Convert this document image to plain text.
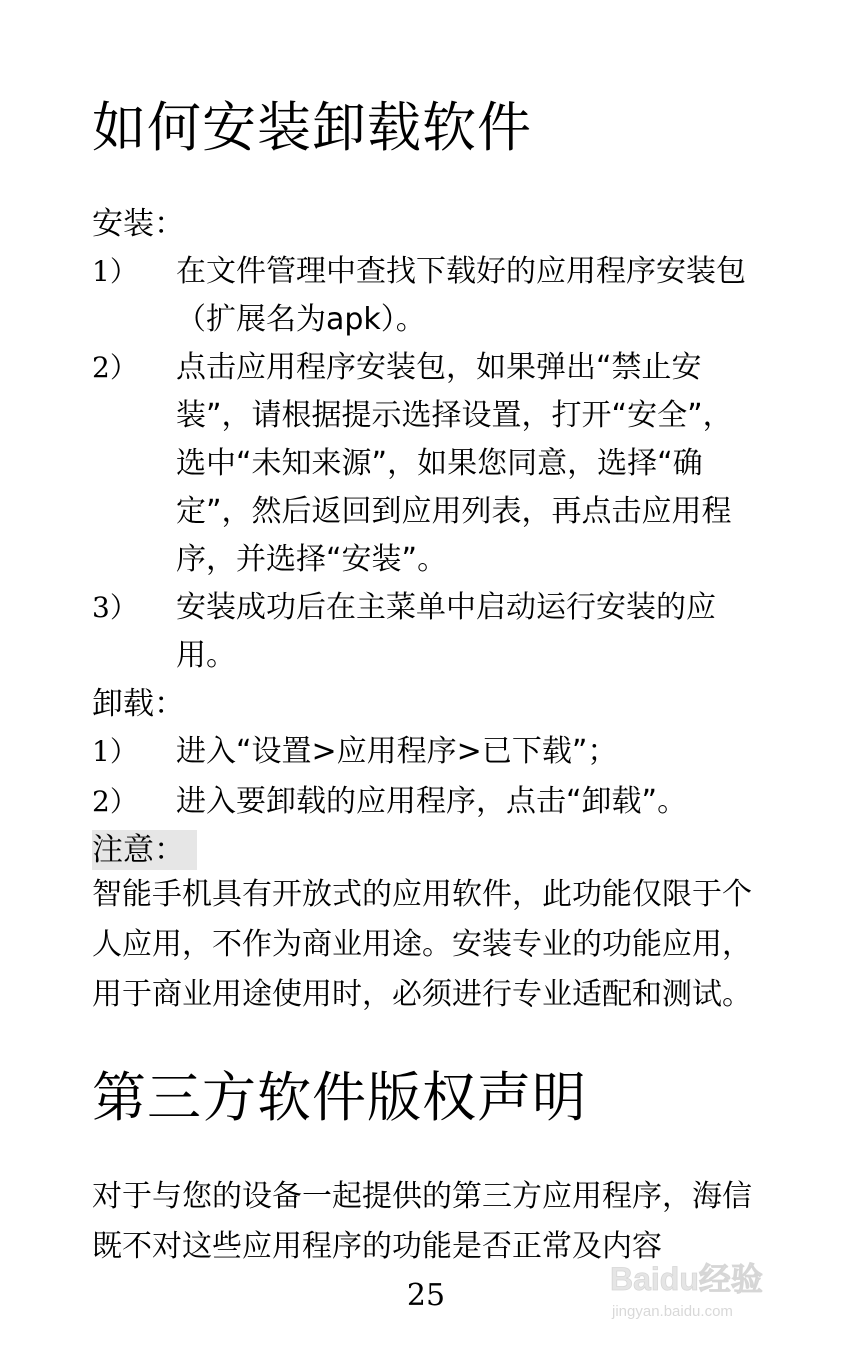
如何安装卸载软件
安装：
1） 在文件管理中查找下载好的应用程序安装包（扩展名为apk）。
2） 点击应用程序安装包，如果弹出“禁止安装”，请根据提示选择设置，打开“安全”，选中“未知来源”，如果您同意，选择“确定”，然后返回到应用列表，再点击应用程序，并选择“安装”。
3） 安装成功后在主菜单中启动运行安装的应用。
卸载：
1） 进入“设置>应用程序>已下载”；
2） 进入要卸载的应用程序，点击“卸载”。
注意：
智能手机具有开放式的应用软件，此功能仅限于个人应用，不作为商业用途。安装专业的功能应用，用于商业用途使用时，必须进行专业适配和测试。
第三方软件版权声明
对于与您的设备一起提供的第三方应用程序，海信既不对这些应用程序的功能是否正常及内容
25	Baidu经验
jingyan.baidu.com
